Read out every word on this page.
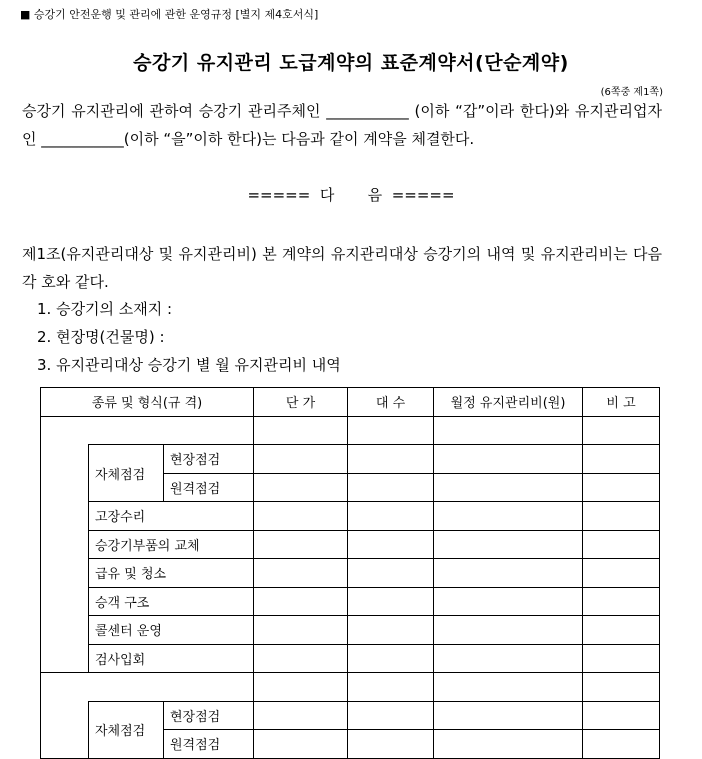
■ 승강기 안전운행 및 관리에 관한 운영규정 [별지 제4호서식]
승강기 유지관리 도급계약의 표준계약서(단순계약)
(6쪽중 제1쪽)
승강기 유지관리에 관하여 승강기 관리주체인 ___________ (이하 “갑”이라 한다)와 유지관리업자인 ___________(이하 “을”이하 한다)는 다음과 같이 계약을 체결한다.
=====  다       음  =====
제1조(유지관리대상 및 유지관리비) 본 계약의 유지관리대상 승강기의 내역 및 유지관리비는 다음 각 호와 같다.
1. 승강기의 소재지 :
2. 현장명(건물명) :
3. 유지관리대상 승강기 별 월 유지관리비 내역
종류 및 형식(규 격)			단 가	대 수	월정 유지관리비(원)	비 고

	자체점검	현장점검				
		원격점검				
	고장수리					
	승강기부품의 교체					
	급유 및 청소					
	승객 구조					
	콜센터 운영					
	검사입회					

	자체점검	현장점검				
		원격점검				
